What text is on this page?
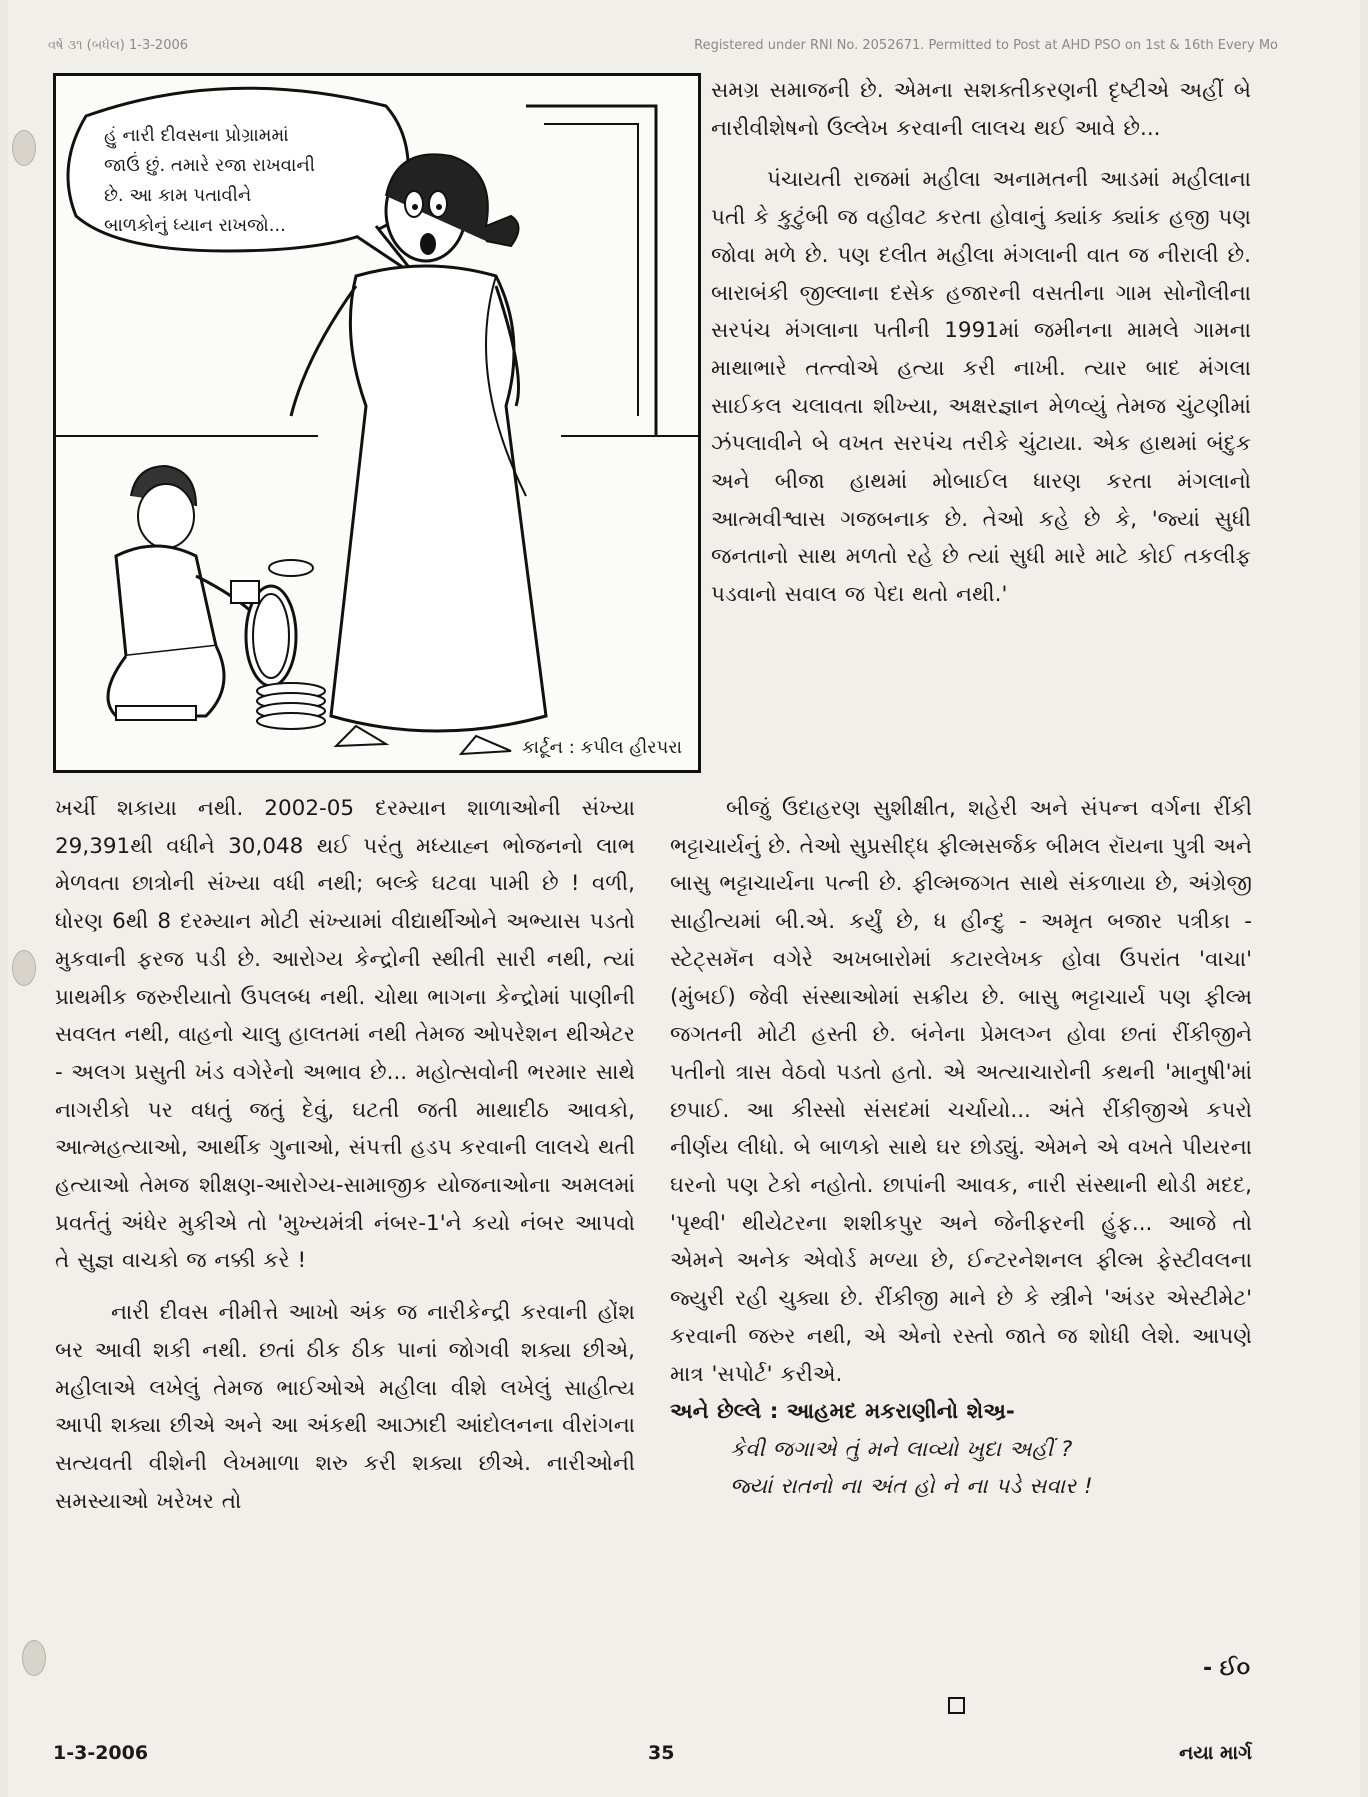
વર્ષ ૩૧ (બધેલ) 1-3-2006	Registered under RNI No. 2052671. Permitted to Post at AHD PSO on 1st & 16th Every Mo
હું નારી દીવસના પ્રોગ્રામમાં
જાઉં છું. તમારે રજા રાખવાની
છે. આ કામ પતાવીને
બાળકોનું ધ્યાન રાખજો...
કાર્ટૂન : કપીલ હીરપરા

સમગ્ર સમાજની છે. એમના સશક્તીકરણની દૃષ્ટીએ અહીં બે નારીવીશેષનો ઉલ્લેખ કરવાની લાલચ થઈ આવે છે...

પંચાયતી રાજમાં મહીલા અનામતની આડમાં મહીલાના પતી કે કુટુંબી જ વહીવટ કરતા હોવાનું ક્યાંક ક્યાંક હજી પણ જોવા મળે છે. પણ દલીત મહીલા મંગલાની વાત જ નીરાલી છે. બારાબંકી જીલ્લાના દસેક હજારની વસતીના ગામ સોનૌલીના સરપંચ મંગલાના પતીની 1991માં જમીનના મામલે ગામના માથાભારે તત્ત્વોએ હત્યા કરી નાખી. ત્યાર બાદ મંગલા સાઈકલ ચલાવતા શીખ્યા, અક્ષરજ્ઞાન મેળવ્યું તેમજ ચુંટણીમાં ઝંપલાવીને બે વખત સરપંચ તરીકે ચુંટાયા. એક હાથમાં બંદુક અને બીજા હાથમાં મોબાઈલ ધારણ કરતા મંગલાનો આત્મવીશ્વાસ ગજબનાક છે. તેઓ કહે છે કે, 'જ્યાં સુધી જનતાનો સાથ મળતો રહે છે ત્યાં સુધી મારે માટે કોઈ તકલીફ પડવાનો સવાલ જ પેદા થતો નથી.'

ખર્ચી શકાયા નથી. 2002-05 દરમ્યાન શાળાઓની સંખ્યા 29,391થી વધીને 30,048 થઈ પરંતુ મધ્યાહ્ન ભોજનનો લાભ મેળવતા છાત્રોની સંખ્યા વધી નથી; બલ્કે ઘટવા પામી છે ! વળી, ધોરણ 6થી 8 દરમ્યાન મોટી સંખ્યામાં વીદ્યાર્થીઓને અભ્યાસ પડતો મુકવાની ફરજ પડી છે. આરોગ્ય કેન્દ્રોની સ્થીતી સારી નથી, ત્યાં પ્રાથમીક જરુરીયાતો ઉપલબ્ધ નથી. ચોથા ભાગના કેન્દ્રોમાં પાણીની સવલત નથી, વાહનો ચાલુ હાલતમાં નથી તેમજ ઓપરેશન થીએટર - અલગ પ્રસુતી ખંડ વગેરેનો અભાવ છે... મહોત્સવોની ભરમાર સાથે નાગરીકો પર વધતું જતું દેવું, ઘટતી જતી માથાદીઠ આવકો, આત્મહત્યાઓ, આર્થીક ગુનાઓ, સંપત્તી હડપ કરવાની લાલચે થતી હત્યાઓ તેમજ શીક્ષણ-આરોગ્ય-સામાજીક યોજનાઓના અમલમાં પ્રવર્તતું અંધેર મુકીએ તો 'મુખ્યમંત્રી નંબર-1'ને કયો નંબર આપવો તે સુજ્ઞ વાચકો જ નક્કી કરે !

નારી દીવસ નીમીત્તે આખો અંક જ નારીકેન્દ્રી કરવાની હોંશ બર આવી શકી નથી. છતાં ઠીક ઠીક પાનાં જોગવી શક્યા છીએ, મહીલાએ લખેલું તેમજ ભાઈઓએ મહીલા વીશે લખેલું સાહીત્ય આપી શક્યા છીએ અને આ અંકથી આઝાદી આંદોલનના વીરાંગના સત્યવતી વીશેની લેખમાળા શરુ કરી શક્યા છીએ. નારીઓની સમસ્યાઓ ખરેખર તો

બીજું ઉદાહરણ સુશીક્ષીત, શહેરી અને સંપન્ન વર્ગના રીંકી ભટ્ટાચાર્યનું છે. તેઓ સુપ્રસીદ્ધ ફીલ્મસર્જક બીમલ રૉયના પુત્રી અને બાસુ ભટ્ટાચાર્યના પત્ની છે. ફીલ્મજગત સાથે સંકળાયા છે, અંગ્રેજી સાહીત્યમાં બી.એ. કર્યું છે, ધ હીન્દુ - અમૃત બજાર પત્રીકા - સ્ટેટ્સમૅન વગેરે અખબારોમાં કટારલેખક હોવા ઉપરાંત 'વાચા' (મુંબઈ) જેવી સંસ્થાઓમાં સક્રીય છે. બાસુ ભટ્ટાચાર્ય પણ ફીલ્મ જગતની મોટી હસ્તી છે. બંનેના પ્રેમલગ્ન હોવા છતાં રીંકીજીને પતીનો ત્રાસ વેઠવો પડતો હતો. એ અત્યાચારોની કથની 'માનુષી'માં છપાઈ. આ કીસ્સો સંસદમાં ચર્ચાયો... અંતે રીંકીજીએ કપરો નીર્ણય લીધો. બે બાળકો સાથે ઘર છોડ્યું. એમને એ વખતે પીયરના ઘરનો પણ ટેકો નહોતો. છાપાંની આવક, નારી સંસ્થાની થોડી મદદ, 'પૃથ્વી' થીયેટરના શશીકપુર અને જેનીફરની હુંફ... આજે તો એમને અનેક એવોર્ડ મળ્યા છે, ઈન્ટરનેશનલ ફીલ્મ ફેસ્ટીવલના જ્યુરી રહી ચુક્યા છે. રીંકીજી માને છે કે સ્ત્રીને 'અંડર એસ્ટીમેટ' કરવાની જરુર નથી, એ એનો રસ્તો જાતે જ શોધી લેશે. આપણે માત્ર 'સપોર્ટ' કરીએ.

અને છેલ્લે : આહમદ મકરાણીનો શેઅ્ર-

કેવી જગાએ તું મને લાવ્યો ખુદા અહીં ?

જ્યાં રાતનો ના અંત હો ને ના પડે સવાર !

- ઈ૦
1-3-2006	35	નયા માર્ગ
